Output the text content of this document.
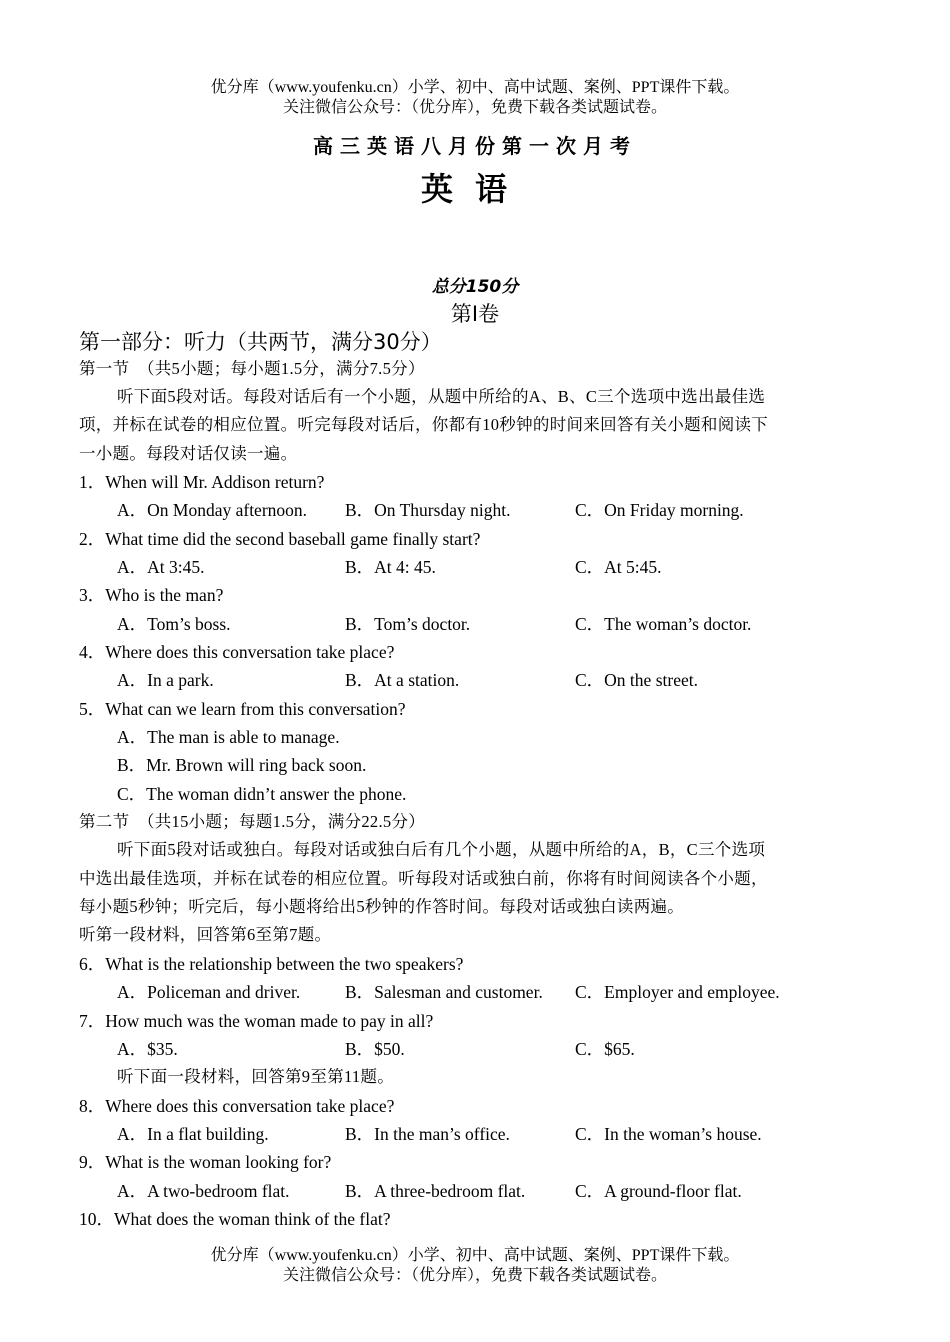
优分库（www.youfenku.cn）小学、初中、高中试题、案例、PPT课件下载。
关注微信公众号：（优分库），免费下载各类试题试卷。
高三英语八月份第一次月考
英语
总分150分
第Ⅰ卷
第一部分：听力（共两节，满分30分）
第一节　（共5小题；每小题1.5分，满分7.5分）
听下面5段对话。每段对话后有一个小题，从题中所给的A、B、C三个选项中选出最佳选
项，并标在试卷的相应位置。听完每段对话后，你都有10秒钟的时间来回答有关小题和阅读下
一小题。每段对话仅读一遍。
1．When will Mr. Addison return?
A．On Monday afternoon. B．On Thursday night.	C．On Friday morning.
2．What time did the second baseball game finally start?
A．At 3:45.	B．At 4: 45.	C．At 5:45.
3．Who is the man?
A．Tom’s boss.	B．Tom’s doctor.	C．The woman’s doctor.
4．Where does this conversation take place?
A．In a park.	B．At a station.	C．On the street.
5．What can we learn from this conversation?
A．The man is able to manage.
B．Mr. Brown will ring back soon.
C．The woman didn’t answer the phone.
第二节　（共15小题；每题1.5分，满分22.5分）
听下面5段对话或独白。每段对话或独白后有几个小题，从题中所给的A，B，C三个选项
中选出最佳选项，并标在试卷的相应位置。听每段对话或独白前，你将有时间阅读各个小题，
每小题5秒钟；听完后，每小题将给出5秒钟的作答时间。每段对话或独白读两遍。
听第一段材料，回答第6至第7题。
6．What is the relationship between the two speakers?
A．Policeman and driver.	B．Salesman and customer. C．Employer and employee.
7．How much was the woman made to pay in all?
A．$35.	B．$50.	C．$65.
听下面一段材料，回答第9至第11题。
8．Where does this conversation take place?
A．In a flat building.	B．In the man’s office.	C．In the woman’s house.
9．What is the woman looking for?
A．A two-bedroom flat.	B．A three-bedroom flat.	C．A ground-floor flat.
10．What does the woman think of the flat?
优分库（www.youfenku.cn）小学、初中、高中试题、案例、PPT课件下载。
关注微信公众号：（优分库），免费下载各类试题试卷。
